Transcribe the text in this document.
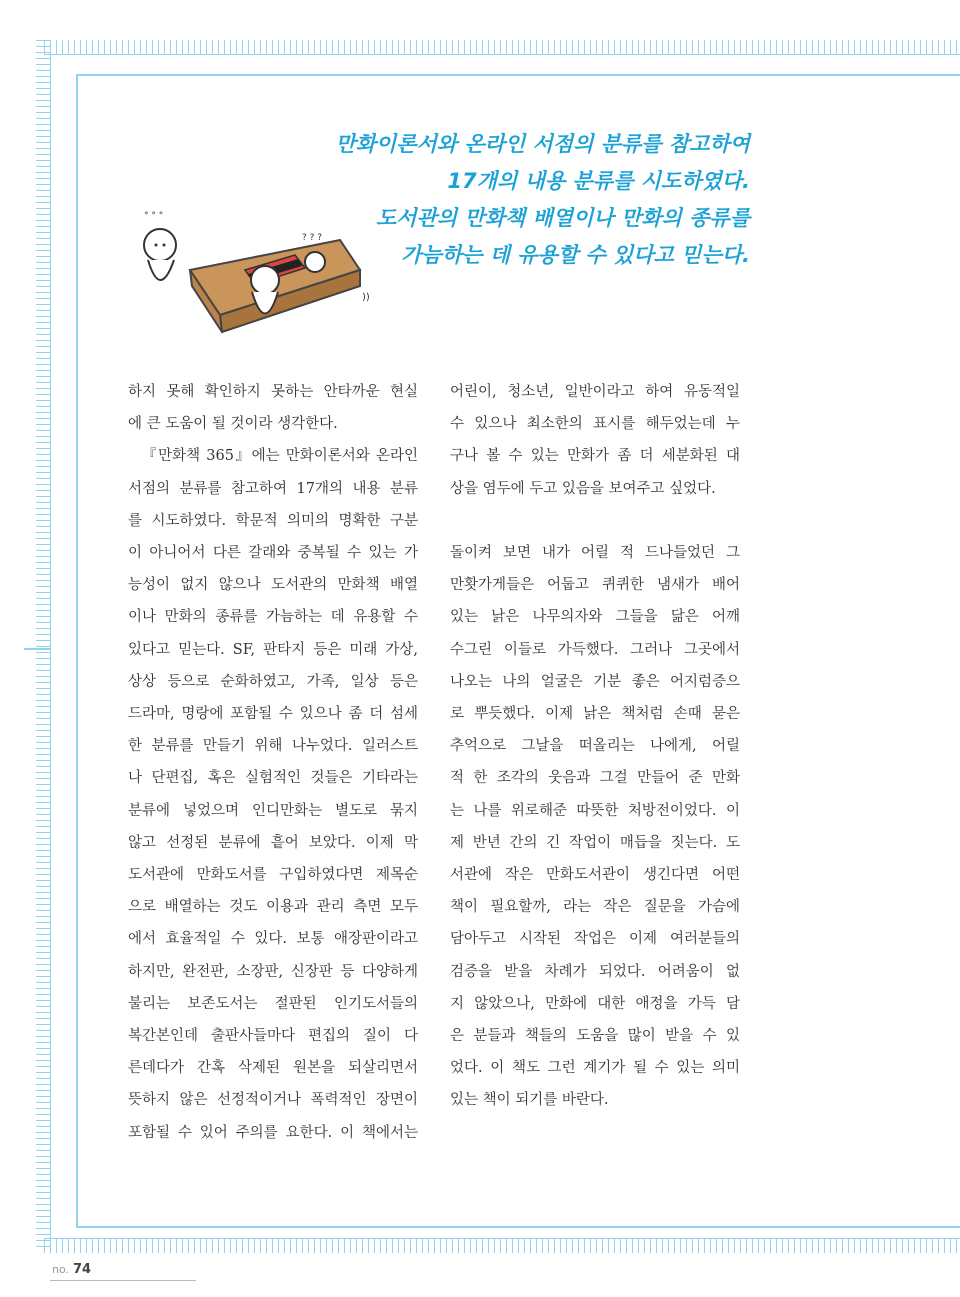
만화이론서와 온라인 서점의 분류를 참고하여
17개의 내용 분류를 시도하였다.
도서관의 만화책 배열이나 만화의 종류를
가늠하는 데 유용할 수 있다고 믿는다.
° ° °
? ? ?
))
하지 못해 확인하지 못하는 안타까운 현실
에 큰 도움이 될 것이라 생각한다.
『만화책 365』에는 만화이론서와 온라인
서점의 분류를 참고하여 17개의 내용 분류
를 시도하였다. 학문적 의미의 명확한 구분
이 아니어서 다른 갈래와 중복될 수 있는 가
능성이 없지 않으나 도서관의 만화책 배열
이나 만화의 종류를 가늠하는 데 유용할 수
있다고 믿는다. SF, 판타지 등은 미래 가상,
상상 등으로 순화하였고, 가족, 일상 등은
드라마, 명랑에 포함될 수 있으나 좀 더 섬세
한 분류를 만들기 위해 나누었다. 일러스트
나 단편집, 혹은 실험적인 것들은 기타라는
분류에 넣었으며 인디만화는 별도로 묶지
않고 선정된 분류에 흩어 보았다. 이제 막
도서관에 만화도서를 구입하였다면 제목순
으로 배열하는 것도 이용과 관리 측면 모두
에서 효율적일 수 있다. 보통 애장판이라고
하지만, 완전판, 소장판, 신장판 등 다양하게
불리는 보존도서는 절판된 인기도서들의
복간본인데 출판사들마다 편집의 질이 다
른데다가 간혹 삭제된 원본을 되살리면서
뜻하지 않은 선정적이거나 폭력적인 장면이
포함될 수 있어 주의를 요한다. 이 책에서는
어린이, 청소년, 일반이라고 하여 유동적일
수 있으나 최소한의 표시를 해두었는데 누
구나 볼 수 있는 만화가 좀 더 세분화된 대
상을 염두에 두고 있음을 보여주고 싶었다.
돌이켜 보면 내가 어릴 적 드나들었던 그
만홧가게들은 어둡고 퀴퀴한 냄새가 배어
있는 낡은 나무의자와 그들을 닮은 어깨
수그린 이들로 가득했다. 그러나 그곳에서
나오는 나의 얼굴은 기분 좋은 어지럼증으
로 뿌듯했다. 이제 낡은 책처럼 손때 묻은
추억으로 그날을 떠올리는 나에게, 어릴
적 한 조각의 웃음과 그걸 만들어 준 만화
는 나를 위로해준 따뜻한 처방전이었다. 이
제 반년 간의 긴 작업이 매듭을 짓는다. 도
서관에 작은 만화도서관이 생긴다면 어떤
책이 필요할까, 라는 작은 질문을 가슴에
담아두고 시작된 작업은 이제 여러분들의
검증을 받을 차례가 되었다. 어려움이 없
지 않았으나, 만화에 대한 애정을 가득 담
은 분들과 책들의 도움을 많이 받을 수 있
었다. 이 책도 그런 계기가 될 수 있는 의미
있는 책이 되기를 바란다.
no. 74
